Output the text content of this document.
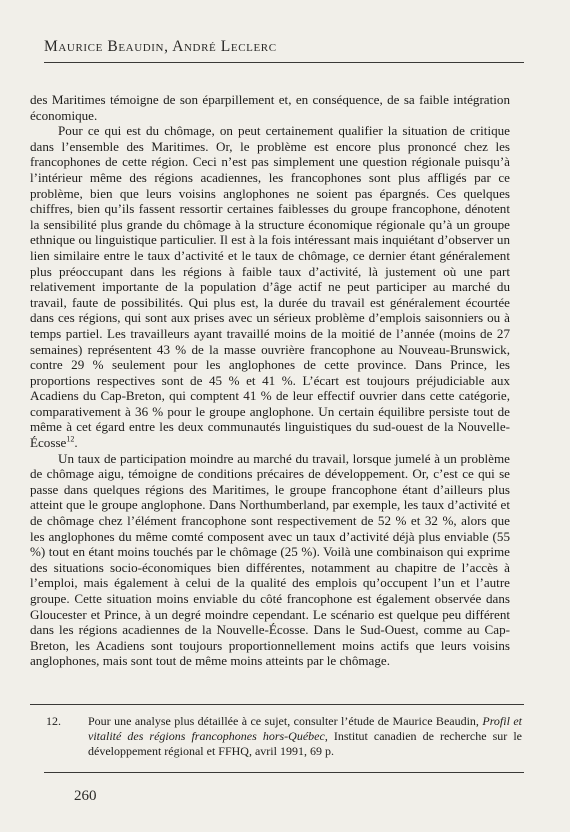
Maurice Beaudin, André Leclerc

des Maritimes témoigne de son éparpillement et, en conséquence, de sa faible intégration économique.

Pour ce qui est du chômage, on peut certainement qualifier la situation de critique dans l’ensemble des Maritimes. Or, le problème est encore plus prononcé chez les francophones de cette région. Ceci n’est pas simplement une question régionale puisqu’à l’intérieur même des régions acadiennes, les francophones sont plus affligés par ce problème, bien que leurs voisins anglophones ne soient pas épargnés. Ces quelques chiffres, bien qu’ils fassent ressortir certaines faiblesses du groupe francophone, dénotent la sensibilité plus grande du chômage à la structure économique régionale qu’à un groupe ethnique ou linguistique particulier. Il est à la fois intéressant mais inquiétant d’observer un lien similaire entre le taux d’activité et le taux de chômage, ce dernier étant généralement plus préoccupant dans les régions à faible taux d’activité, là justement où une part relativement importante de la population d’âge actif ne peut participer au marché du travail, faute de possibilités. Qui plus est, la durée du travail est généralement écourtée dans ces régions, qui sont aux prises avec un sérieux problème d’emplois saisonniers ou à temps partiel. Les travailleurs ayant travaillé moins de la moitié de l’année (moins de 27 semaines) représentent 43 % de la masse ouvrière francophone au Nouveau-Brunswick, contre 29 % seulement pour les anglophones de cette province. Dans Prince, les proportions respectives sont de 45 % et 41 %. L’écart est toujours préjudiciable aux Acadiens du Cap-Breton, qui comptent 41 % de leur effectif ouvrier dans cette catégorie, comparativement à 36 % pour le groupe anglophone. Un certain équilibre persiste tout de même à cet égard entre les deux communautés linguistiques du sud-ouest de la Nouvelle-Écosse$^{12}$.

Un taux de participation moindre au marché du travail, lorsque jumelé à un problème de chômage aigu, témoigne de conditions précaires de développement. Or, c’est ce qui se passe dans quelques régions des Maritimes, le groupe francophone étant d’ailleurs plus atteint que le groupe anglophone. Dans Northumberland, par exemple, les taux d’activité et de chômage chez l’élément francophone sont respectivement de 52 % et 32 %, alors que les anglophones du même comté composent avec un taux d’activité déjà plus enviable (55 %) tout en étant moins touchés par le chômage (25 %). Voilà une combinaison qui exprime des situations socio-économiques bien différentes, notamment au chapitre de l’accès à l’emploi, mais également à celui de la qualité des emplois qu’occupent l’un et l’autre groupe. Cette situation moins enviable du côté francophone est également observée dans Gloucester et Prince, à un degré moindre cependant. Le scénario est quelque peu différent dans les régions acadiennes de la Nouvelle-Écosse. Dans le Sud-Ouest, comme au Cap-Breton, les Acadiens sont toujours proportionnellement moins actifs que leurs voisins anglophones, mais sont tout de même moins atteints par le chômage.

12. Pour une analyse plus détaillée à ce sujet, consulter l’étude de Maurice Beaudin, Profil et vitalité des régions francophones hors-Québec, Institut canadien de recherche sur le développement régional et FFHQ, avril 1991, 69 p.
260
